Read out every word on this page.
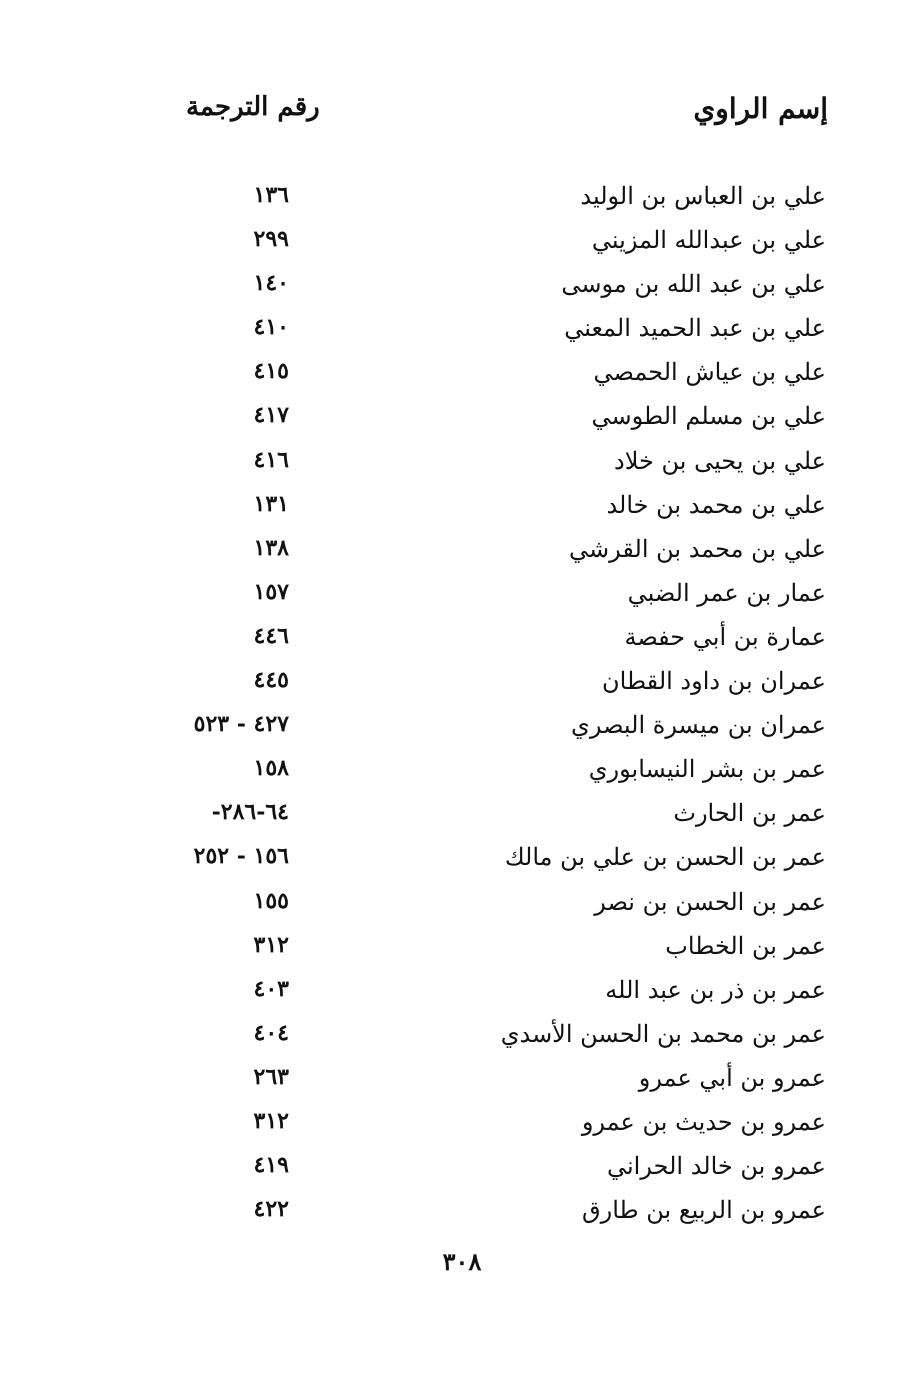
إسم الراوي
رقم الترجمة
علي بن العباس بن الوليد
١٣٦
علي بن عبدالله المزيني
٢٩٩
علي بن عبد الله بن موسى
١٤٠
علي بن عبد الحميد المعني
٤١٠
علي بن عياش الحمصي
٤١٥
علي بن مسلم الطوسي
٤١٧
علي بن يحيى بن خلاد
٤١٦
علي بن محمد بن خالد
١٣١
علي بن محمد بن القرشي
١٣٨
عمار بن عمر الضبي
١٥٧
عمارة بن أبي حفصة
٤٤٦
عمران بن داود القطان
٤٤٥
عمران بن ميسرة البصري
٤٢٧ - ٥٢٣
عمر بن بشر النيسابوري
١٥٨
عمر بن الحارث
٦٤-٢٨٦-
عمر بن الحسن بن علي بن مالك
١٥٦ - ٢٥٢
عمر بن الحسن بن نصر
١٥٥
عمر بن الخطاب
٣١٢
عمر بن ذر بن عبد الله
٤٠٣
عمر بن محمد بن الحسن الأسدي
٤٠٤
عمرو بن أبي عمرو
٢٦٣
عمرو بن حديث بن عمرو
٣١٢
عمرو بن خالد الحراني
٤١٩
عمرو بن الربيع بن طارق
٤٢٢
٣٠٨
